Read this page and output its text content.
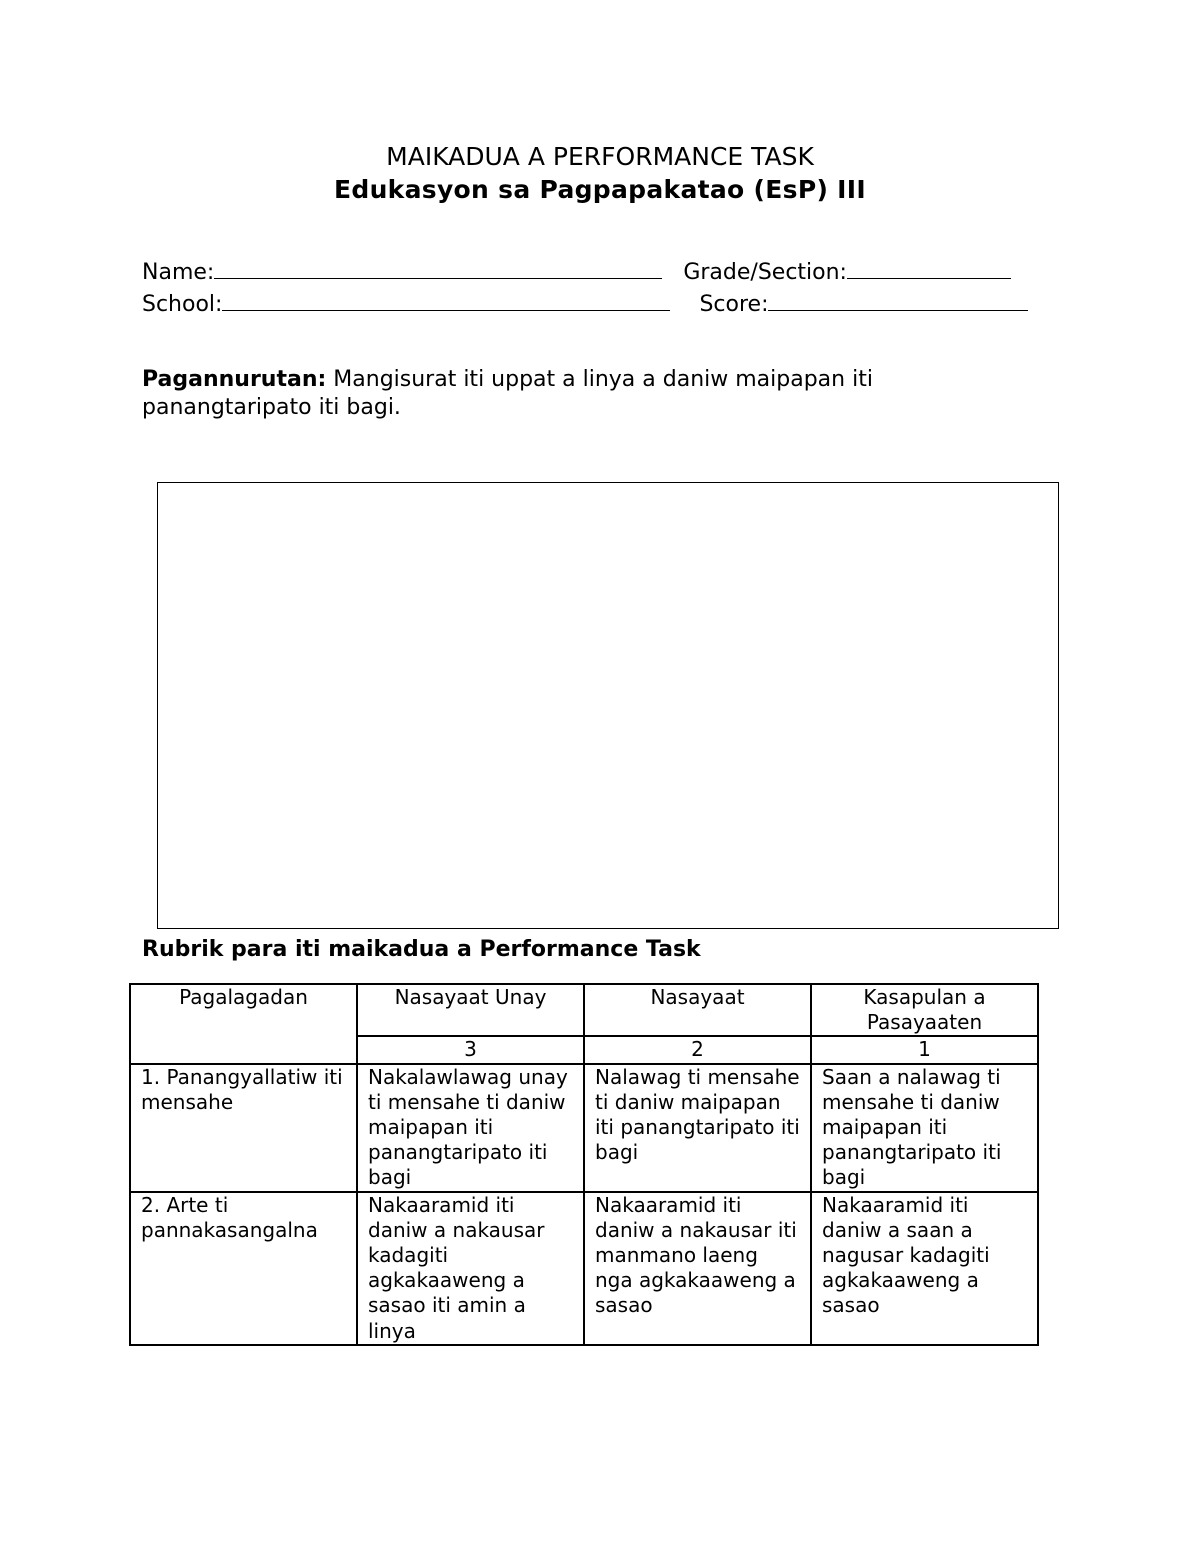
MAIKADUA A PERFORMANCE TASK
Edukasyon sa Pagpapakatao (EsP) III
Name:	Grade/Section:
School:	Score:
Pagannurutan: Mangisurat iti uppat a linya a daniw maipapan iti panangtaripato iti bagi.
Rubrik para iti maikadua a Performance Task
Pagalagadan	Nasayaat Unay	Nasayaat	Kasapulan a Pasayaaten
	3	2	1
1. Panangyallatiw iti mensahe	Nakalawlawag unay ti mensahe ti daniw maipapan iti panangtaripato iti bagi	Nalawag ti mensahe ti daniw maipapan iti panangtaripato iti bagi	Saan a nalawag ti mensahe ti daniw maipapan iti panangtaripato iti bagi
2. Arte ti pannakasangalna	Nakaaramid iti daniw a nakausar kadagiti agkakaaweng a sasao iti amin a linya	Nakaaramid iti daniw a nakausar iti manmano laeng nga agkakaaweng a sasao	Nakaaramid iti daniw a saan a nagusar kadagiti agkakaaweng a sasao
